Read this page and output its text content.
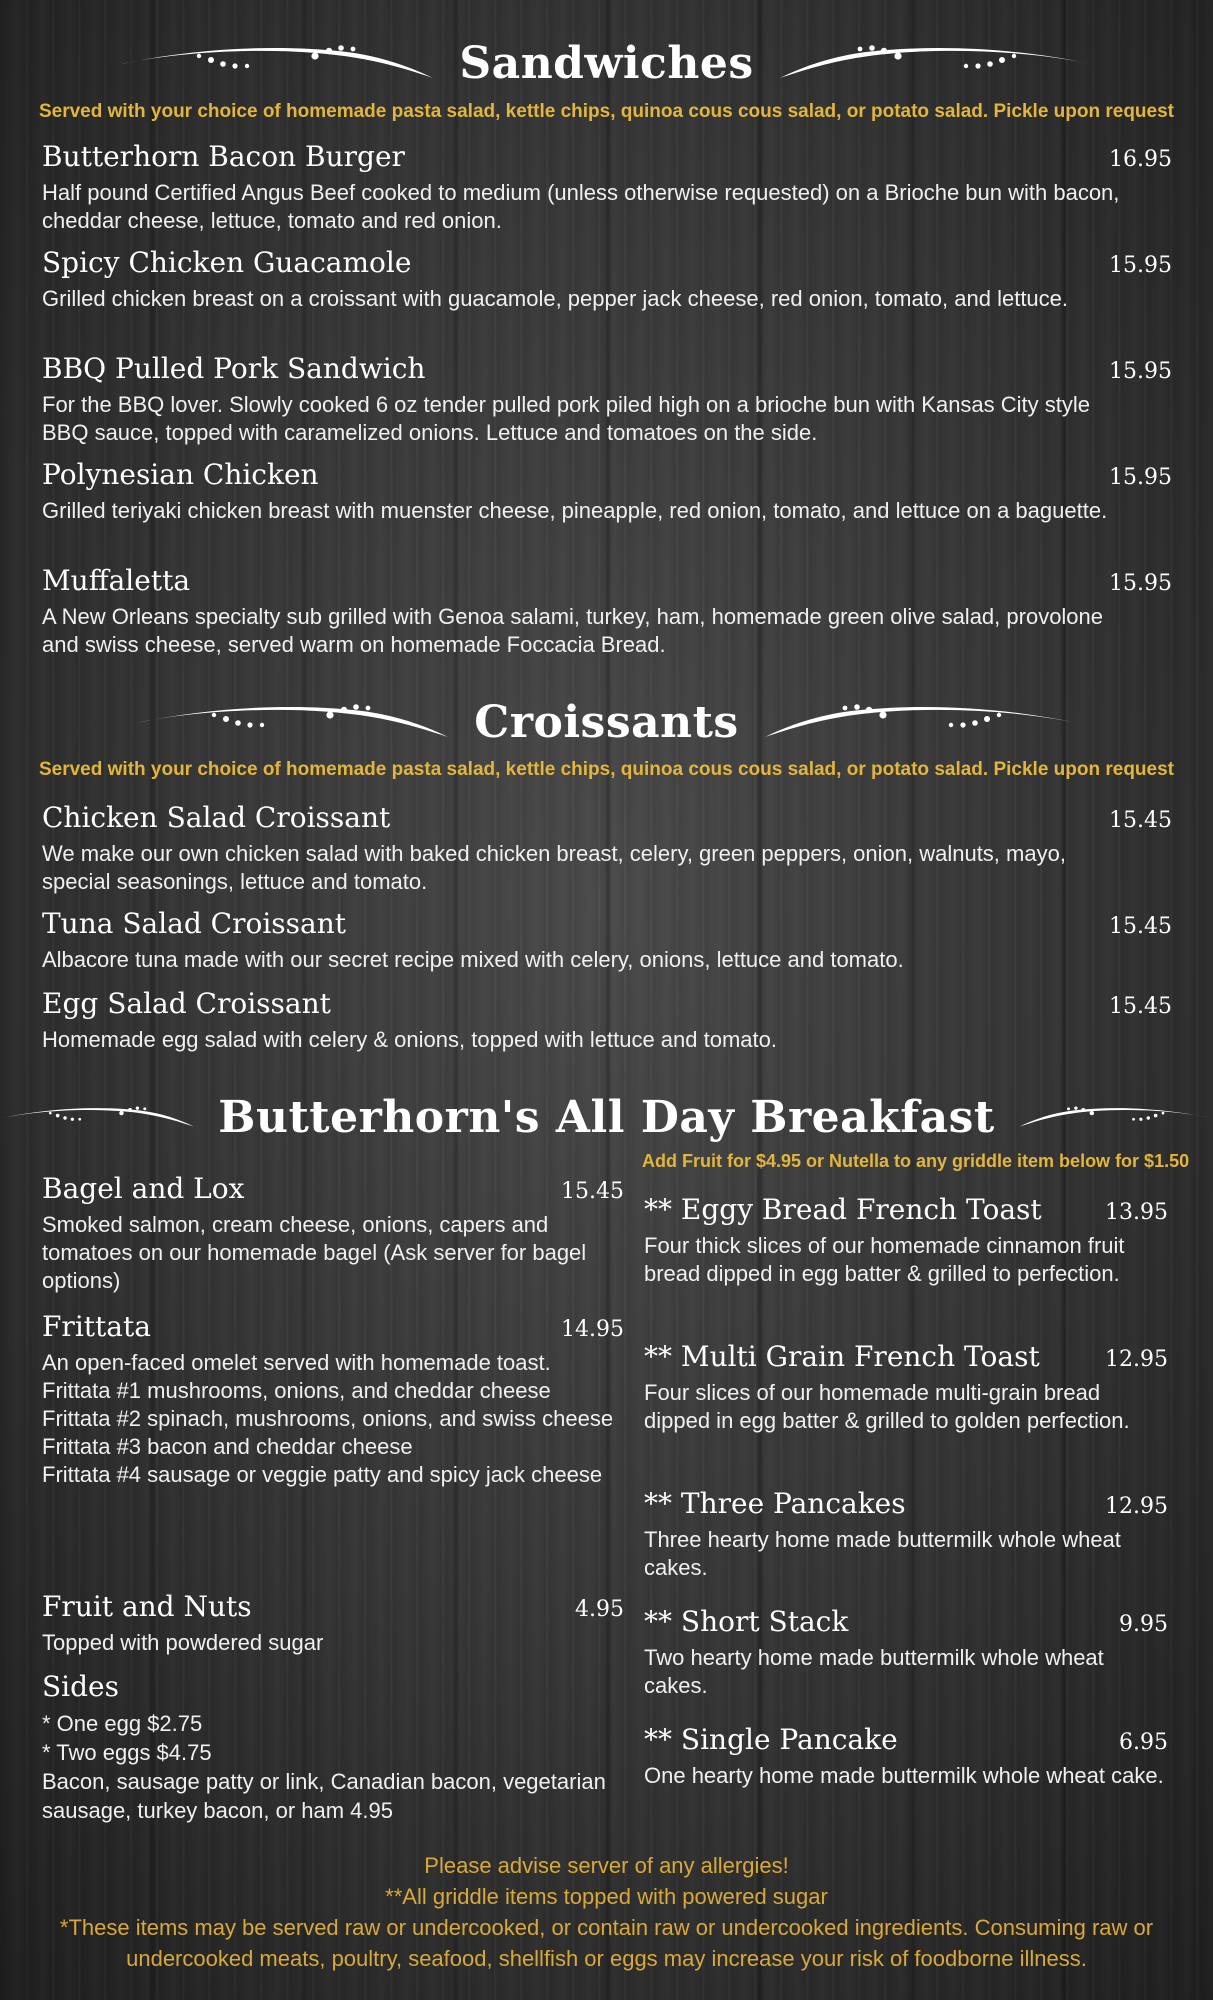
Sandwiches
Served with your choice of homemade pasta salad, kettle chips, quinoa cous cous salad, or potato salad. Pickle upon request
Butterhorn Bacon Burger	16.95
Half pound Certified Angus Beef cooked to medium (unless otherwise requested) on a Brioche bun with bacon, cheddar cheese, lettuce, tomato and red onion.
Spicy Chicken Guacamole	15.95
Grilled chicken breast on a croissant with guacamole, pepper jack cheese, red onion, tomato, and lettuce.
BBQ Pulled Pork Sandwich	15.95
For the BBQ lover. Slowly cooked 6 oz tender pulled pork piled high on a brioche bun with Kansas City style BBQ sauce, topped with caramelized onions. Lettuce and tomatoes on the side.
Polynesian Chicken	15.95
Grilled teriyaki chicken breast with muenster cheese, pineapple, red onion, tomato, and lettuce on a baguette.
Muffaletta	15.95
A New Orleans specialty sub grilled with Genoa salami, turkey, ham, homemade green olive salad, provolone and swiss cheese, served warm on homemade Foccacia Bread.
Croissants
Served with your choice of homemade pasta salad, kettle chips, quinoa cous cous salad, or potato salad. Pickle upon request
Chicken Salad Croissant	15.45
We make our own chicken salad with baked chicken breast, celery, green peppers, onion, walnuts, mayo, special seasonings, lettuce and tomato.
Tuna Salad Croissant	15.45
Albacore tuna made with our secret recipe mixed with celery, onions, lettuce and tomato.
Egg Salad Croissant	15.45
Homemade egg salad with celery & onions, topped with lettuce and tomato.
Butterhorn's All Day Breakfast
Add Fruit for $4.95 or Nutella to any griddle item below for $1.50
Bagel and Lox	15.45
Smoked salmon, cream cheese, onions, capers and tomatoes on our homemade bagel (Ask server for bagel options)
Frittata	14.95
An open-faced omelet served with homemade toast.
Frittata #1 mushrooms, onions, and cheddar cheese
Frittata #2 spinach, mushrooms, onions, and swiss cheese
Frittata #3 bacon and cheddar cheese
Frittata #4 sausage or veggie patty and spicy jack cheese
Fruit and Nuts	4.95
Topped with powdered sugar
Sides
* One egg $2.75
* Two eggs $4.75
Bacon, sausage patty or link, Canadian bacon, vegetarian sausage, turkey bacon, or ham 4.95
** Eggy Bread French Toast	13.95
Four thick slices of our homemade cinnamon fruit bread dipped in egg batter & grilled to perfection.
** Multi Grain French Toast	12.95
Four slices of our homemade multi-grain bread dipped in egg batter & grilled to golden perfection.
** Three Pancakes	12.95
Three hearty home made buttermilk whole wheat cakes.
** Short Stack	9.95
Two hearty home made buttermilk whole wheat cakes.
** Single Pancake	6.95
One hearty home made buttermilk whole wheat cake.
Please advise server of any allergies!
**All griddle items topped with powered sugar
*These items may be served raw or undercooked, or contain raw or undercooked ingredients. Consuming raw or undercooked meats, poultry, seafood, shellfish or eggs may increase your risk of foodborne illness.
